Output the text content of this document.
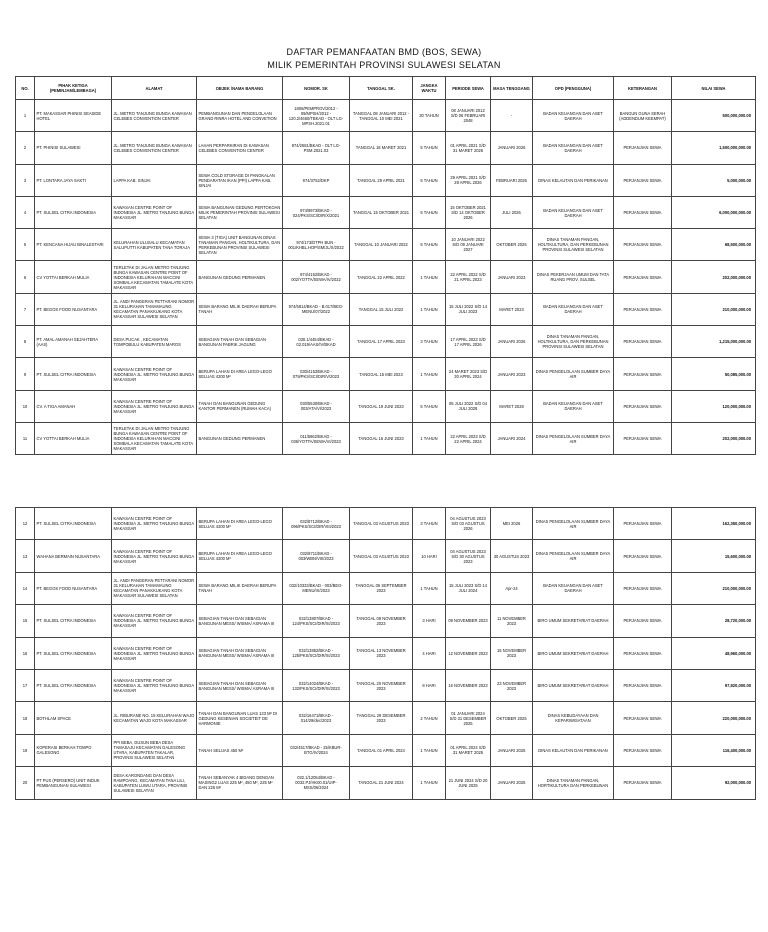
DAFTAR PEMANFAATAN BMD (BOS, SEWA)
MILIK PEMERINTAH PROVINSI SULAWESI SELATAN
NO.	PIHAK KETIGA (PEMINJAM/LEMBAGA)	ALAMAT	OBJEK /NAMA BARANG	NOMOR. SK	TANGGAL SK.	JANGKA WAKTU	PERIODE SEWA	MASA TENGGANG	OPD (PENGGUNA)	KETERANGAN	NILAI SEWA
1	PT. MAKASSAR PHINISI SEASIDE HOTEL	JL. METRO TANJUNG BUNGA KAWASAN CELEBES CONVENTION CENTER	PEMBANGUNAN DAN PENGELOLAAN GRAND RINRA HOTEL AND CONVETION	1806/PEMPROV/2012 - 09/MPSH/2012 - 120.2/4660/TBKAD - OLT LG-MPSH.2021.01	TANGGAL 08 JANUARI 2012 - TANGGAL 10 MEI 2021	30 TAHUN	08 JANUARI 2012 S/D 06 FEBRUARI 2048	-	BADAN KEUANGAN DAN ASET DAERAH	BANGUN GUNA SERAH (ADDENDUM KEEMPAT)	500,000,000.00
2	PT. PHINISI SULAWESI	JL. METRO TANJUNG BUNGA KAWASAN CELEBES CONVENTION CENTER	LAHAN PERPARKIRAN DI KAWASAN CELEBES CONVENTION CENTER	974/2581/BKAD - OLT LG-PSM.2021.03	TANGGAL 18 MARET 2021	5 TAHUN	01 APRIL 2021 S/D 31 MARET 2026	JANUARI 2026	BADAN KEUANGAN DAN ASET DAERAH	PERJANJIAN SEWA	1,500,000,000.00
3	PT. LONTARA JAYA SAKTI	LAPPA KAB. SINJAI	SEWA COLD STORAGE DI PANGKALAN PENDARATAN IKAN (PPI) LAPPA KAB. SINJAI	974/3762/DKP	TANGGAL 29 APRIL 2021	5 TAHUN	29 APRIL 2021 S/D 28 APRIL 2026	FEBRUARI 2026	DINAS KELAUTAN DAN PERIKANAN	PERJANJIAN SEWA	5,000,000.00
4	PT. SULSEL CITRA INDONESIA	KAWASAN CENTRE POINT OF INDONESIA JL. METRO TANJUNG BUNGA MAKASSAR	SEWA BANGUNAN GEDUNG PERTOKOAN MILIK PEMERINTAH PROVINSI SULAWESI SELATAN	974/9973/BKAD - 024/PKS/SCI/DIR/X/2021	TANGGAL 15 OKTOBER 2021	5 TAHUN	15 OKTOBER 2021 S/D 14 OKTOBER 2026	JULI 2026	BADAN KEUANGAN DAN ASET DAERAH	PERJANJIAN SEWA	6,000,000,000.00
5	PT. KENCANA HIJAU BINALESTARI	KELURAHAN ULUSALU KECAMATAN SALUPUTTI KABUPATEN TANA TORAJA	SEWA 3 (TIGA) UNIT BANGUNAN DINAS TANAMAN PANGAN, HOLTIKULTURA, DAN PERKEBUNAN PROVINSI SULAWESI SELATAN	974/173/DTPH BUN - 001/KHBL.HOP/SM/JL/X/2022	TANGGAL 10 JANUARI 2022	5 TAHUN	10 JANUARI 2022 S/D 09 JANUARI 2027	OKTOBER 2026	DINAS TANAMAN PANGAN, HOLTIKULTURA, DAN PERKEBUNAN PROVINSI SULAWESI SELATAN	PERJANJIAN SEWA	68,500,000.00
6	CV YOTTAI BERKAH MULIA	TERLETAK DI JALAN METRO TANJUNG BUNGA KAWASAN CENTRE POINT OF INDONESIA KELURAHAN MACCINI SOMBALA KECAMATAN TAMALATE KOTA MAKASSAR	BANGUNAN GEDUNG PERMANEN	974/4152/BKAD - 002/YOTTA/SEWA/IV/2022	TANGGAL 22 APRIL 2022	1 TAHUN	22 APRIL 2022 S/D 21 APRIL 2023	JANUARI 2023	DINAS PEKERJAAN UMUM DAN TATA RUANG PROV. SULSEL	PERJANJIAN SEWA	202,000,000.00
7	PT. BEGOS FOOD NUSANTARA	JL. ANDI PANGERAN PETTARANI NOMOR 31 KELURAHAN TAMAMAUNG KECAMATAN PANAKKUKANG KOTA MAKASSAR SULAWESI SELATAN	SEWA BARANG MILIK DAERAH BERUPA TANAH	974/6814/BKAD - B.017/BEG-MENU/07/2022	TANGGAL 15 JULI 2022	1 TAHUN	15 JULI 2022 S/D 14 JULI 2023	MARET 2023	BADAN KEUANGAN DAN ASET DAERAH	PERJANJIAN SEWA	210,000,000.00
8	PT. AMAL AMANAH SEJAHTERA (AAS)	DESA PUCAK , KECAMATAN TOMPOBULU KABUPATEN MAROS	SEBAGIAN TANAH DAN SEBAGIAN BANGUNAN PABRIK JAGUNG	030.1/4454/BKAD - 02.019/AAS/IV/BKAD	TANGGAL 17 APRIL 2023	3 TAHUN	17 APRIL 2023 S/D 17 APRIL 2026	JANUARI 2026	DINAS TANAMAN PANGAN, HOLTIKULTURA, DAN PERKEBUNAN PROVINSI SULAWESI SELATAN	PERJANJIAN SEWA	1,215,000,000.00
9	PT. SULSEL CITRA INDONESIA	KAWASAN CENTRE POINT OF INDONESIA JL. METRO TANJUNG BUNGA MAKASSAR	BERUPA LAHAN DI AREA LEGO-LEGO SELUAS 4200 M²	030/4153/BKAD - 079/PKS/SCI/DIR/V/2023	TANGGAL 15 MEI 2023	1 TAHUN	24 MARET 2023 S/D 30 APRIL 2024	JANUARI 2023	DINAS PENGELOLAAN SUMBER DAYA AIR	PERJANJIAN SEWA	50,085,000.00
10	CV. A TIGA AMANAH	KAWASAN CENTRE POINT OF INDONESIA JL. METRO TANJUNG BUNGA MAKASSAR	TANAH DAN BANGUNAN GEDUNG KANTOR PERMANEN (RUMAH KACA)	030/5530/BKAD - 003/ATA/VI/2023	TANGGAL 19 JUNI 2023	5 TAHUN	05 JULI 2022 S/D 04 JULI 2028	MARET 2028	BADAN KEUANGAN DAN ASET DAERAH	PERJANJIAN SEWA	120,000,000.00
11	CV YOTTAI BERKAH MULIA	TERLETAK DI JALAN METRO TANJUNG BUNGA KAWASAN CENTRE POINT OF INDONESIA KELURAHAN MACCINI SOMBALA KECAMATAN TAMALATE KOTA MAKASSAR	BANGUNAN GEDUNG PERMANEN	011/5862/BKAD - 036/YOTTA/SEWA/VI/2023	TANGGAL 16 JUNI 2023	1 TAHUN	22 APRIL 2023 S/D 22 APRIL 2024	JANUARI 2024	DINAS PENGELOLAAN SUMBER DAYA AIR	PERJANJIAN SEWA	202,000,000.00
12	PT. SULSEL CITRA INDONESIA	KAWASAN CENTRE POINT OF INDONESIA JL. METRO TANJUNG BUNGA MAKASSAR	BERUPA LAHAN DI AREA LEGO-LEGO SELUAS 4200 M²	032/8712/BKAD - 096/PKS/SCI/DIR/VIII/2023	TANGGAL 03 AGUSTUS 2023	3 TAHUN	04 AGUSTUS 2023 S/D 03 AGUSTUS 2026	MEI 2026	DINAS PENGELOLAAN SUMBER DAYA AIR	PERJANJIAN SEWA	162,350,000.00
13	WAHANA BERMAIN NUSANTARA	KAWASAN CENTRE POINT OF INDONESIA JL. METRO TANJUNG BUNGA MAKASSAR	BERUPA LAHAN DI AREA LEGO-LEGO SELUAS 4200 M²	032/8711/BKAD - 003/WBN/VIII/2023	TANGGAL 03 AGUSTUS 2023	10 HARI	04 AGUSTUS 2023 S/D 30 AGUSTUS 2023	30 AGUSTUS 2023	DINAS PENGELOLAAN SUMBER DAYA AIR	PERJANJIAN SEWA	15,600,000.00
14	PT. BEGOS FOOD NUSANTARA	JL. ANDI PANGERAN PETTARANI NOMOR 31 KELURAHAN TAMAMAUNG KECAMATAN PANAKKUKANG KOTA MAKASSAR SULAWESI SELATAN	SEWA BARANG MILIK DAERAH BERUPA TANAH	032/10333/BKAD - 003/BEG-MENU/IX/2023	TANGGAL 06 SEPTEMBER 2023	1 TAHUN	15 JULI 2023 S/D 14 JULI 2024	Apr-24	BADAN KEUANGAN DAN ASET DAERAH	PERJANJIAN SEWA	210,000,000.00
15	PT. SULSEL CITRA INDONESIA	KAWASAN CENTRE POINT OF INDONESIA JL. METRO TANJUNG BUNGA MAKASSAR	SEBAGIAN TANAH DAN SEBAGIAN BANGUNAN MESS/ WISMA/ ASRAMA III	032/13807/BKAD - 124/PKS/SCI/DIR/XI/2023	TANGGAL 08 NOVEMBER 2023	3 HARI	09 NOVEMBER 2023	11 NOVEMBER 2023	BIRO UMUM SEKRETARIAT DAERAH	PERJANJIAN SEWA	28,720,000.00
16	PT. SULSEL CITRA INDONESIA	KAWASAN CENTRE POINT OF INDONESIA JL. METRO TANJUNG BUNGA MAKASSAR	SEBAGIAN TANAH DAN SEBAGIAN BANGUNAN MESS/ WISMA/ ASRAMA III	032/13852/BKAD - 125/PKS/SCI/DIR/XI/2023	TANGGAL 13 NOVEMBER 2023	4 HARI	12 NOVEMBER 2023	15 NOVEMBER 2023	BIRO UMUM SEKRETARIAT DAERAH	PERJANJIAN SEWA	48,960,000.00
17	PT. SULSEL CITRA INDONESIA	KAWASAN CENTRE POINT OF INDONESIA JL. METRO TANJUNG BUNGA MAKASSAR	SEBAGIAN TANAH DAN SEBAGIAN BANGUNAN MESS/ WISMA/ ASRAMA III	032/14024/BKAD - 132/PKS/SCI/DIR/XI/2023	TANGGAL 20 NOVEMBER 2023	8 HARI	16 NOVEMBER 2023	23 NOVEMBER 2023	BIRO UMUM SEKRETARIAT DAERAH	PERJANJIAN SEWA	97,920,000.00
18	BOTHLAM SPACE	JL. RIBURANE NO. 15 KELURAHAN WAJO KECAMATAN WAJO KOTA MAKASSAR	TANAH DAN BANGUNAN LUAS 133 M² DI GEDUNG KESENIAN SOCIETEIT DE HARMONIE	032/16471/BKAD - 014/29/dec/2023	TANGGAL 29 DESEMBER 2023	2 TAHUN	01 JANUARI 2024 S/D 31 DESEMBER 2025	OKTOBER 2025	DINAS KEBUDAYAAN DAN KEPARIWISATAAN	PERJANJIAN SEWA	220,000,000.00
19	KOPERASI BERKAH TOMPO GALESONG	PPI BEBA, DUSUN BEBA DESA TAMASAJU KECAMATAN GALESONG UTARA, KABUPATEN TAKALAR, PROVINSI SULAWESI SELATAN	TANAH SELUAS 450 M²	032/4517/BKAD - 25/KBUR-BTG/IV/2024	TANGGAL 01 APRIL 2024	1 TAHUN	01 APRIL 2024 S/D 31 MARET 2025	JANUARI 2025	DINAS KELAUTAN DAN PERIKANAN	PERJANJIAN SEWA	116,400,000.00
20	PT PUS (PERSERO) UNIT INDUK PEMBANGUNAN SULAWESI	DESA KARONDANG DAN DESA RAMPOANG, KECAMATAN TANA LILI, KABUPATEN LUWU UTARA, PROVINSI SULAWESI SELATAN	TANAH SEBANYAK 4 BIDANG DENGAN MASING2 LUAS 225 M², 450 M², 225 M² DAN 225 M²	032.1/12054/BKAD - 0032.PJ/HK00.01/UIP-MSS/06/2024	TANGGAL 21 JUNI 2024	1 TAHUN	21 JUNI 2024 S/D 20 JUNI 2025	JANUARI 2025	DINAS TANAMAN PANGAN, HORTIKULTURA DAN PERKEBUNAN	PERJANJIAN SEWA	92,000,000.00
